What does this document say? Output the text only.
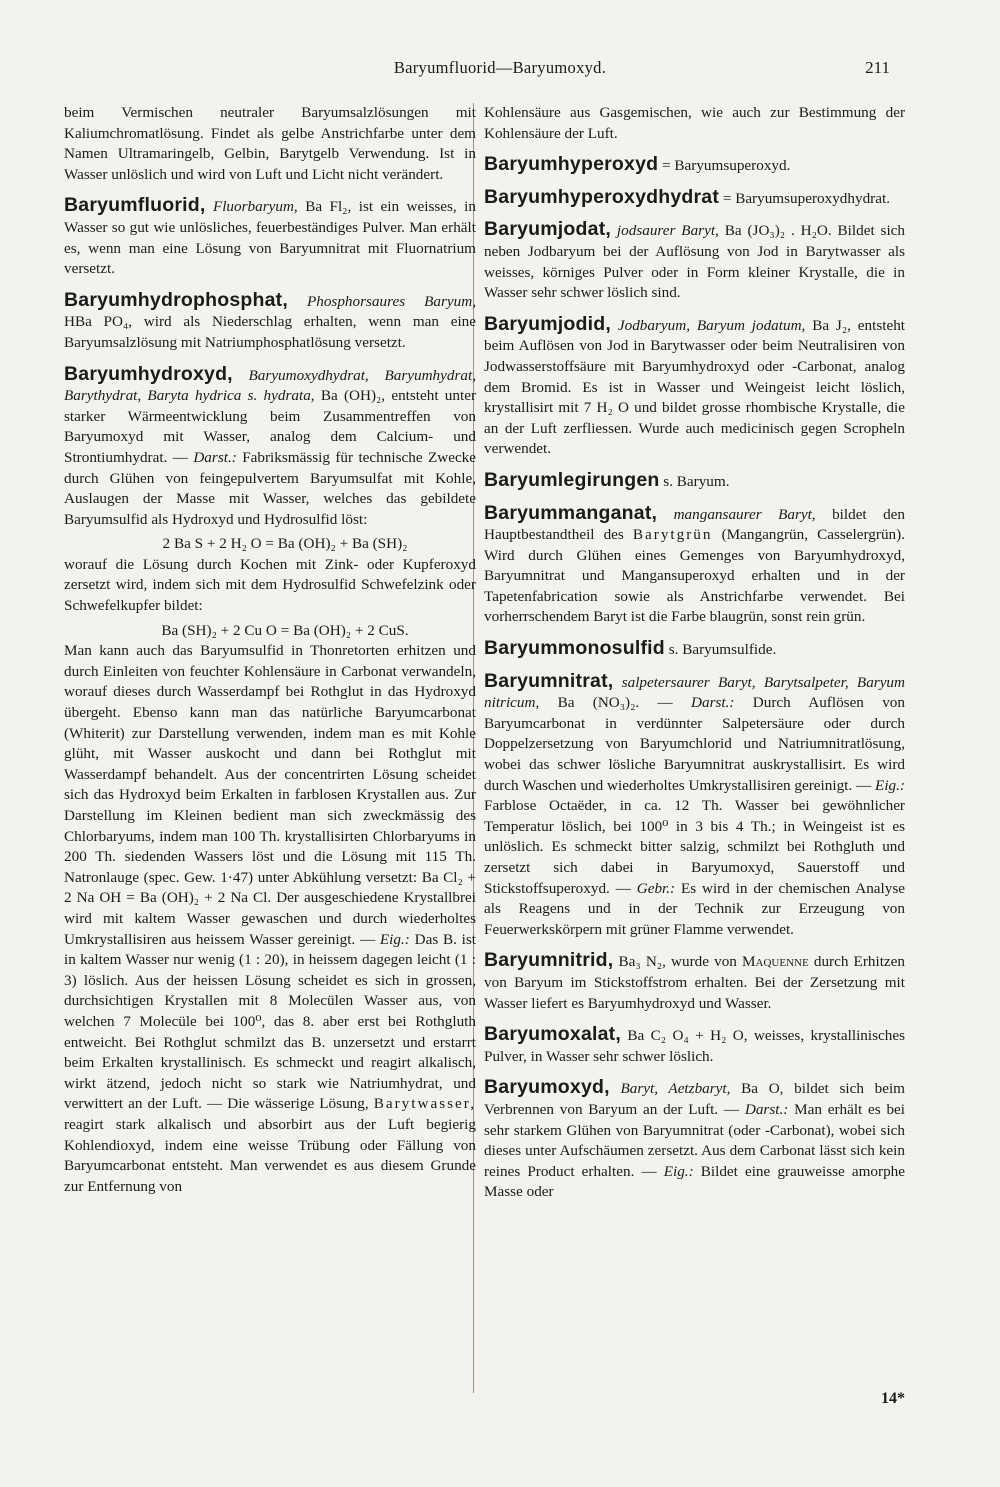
Baryumfluorid—Baryumoxyd.	211

beim Vermischen neutraler Baryumsalzlösungen mit Kaliumchromatlösung. Findet als gelbe Anstrichfarbe unter dem Namen Ultramaringelb, Gelbin, Barytgelb Verwendung. Ist in Wasser unlöslich und wird von Luft und Licht nicht verändert.

Baryumfluorid, Fluorbaryum, Ba Fl₂, ist ein weisses, in Wasser so gut wie unlösliches, feuerbeständiges Pulver. Man erhält es, wenn man eine Lösung von Baryumnitrat mit Fluornatrium versetzt.

Baryumhydrophosphat, Phosphorsaures Baryum, HBa PO₄, wird als Niederschlag erhalten, wenn man eine Baryumsalzlösung mit Natriumphosphatlösung versetzt.

Baryumhydroxyd, Baryumoxydhydrat, Baryumhydrat, Barythydrat, Baryta hydrica s. hydrata, Ba (OH)₂, entsteht unter starker Wärmeentwicklung beim Zusammentreffen von Baryumoxyd mit Wasser, analog dem Calcium- und Strontiumhydrat. — Darst.: Fabriksmässig für technische Zwecke durch Glühen von feingepulvertem Baryumsulfat mit Kohle, Auslaugen der Masse mit Wasser, welches das gebildete Baryumsulfid als Hydroxyd und Hydrosulfid löst:

2 Ba S + 2 H₂ O = Ba (OH)₂ + Ba (SH)₂

worauf die Lösung durch Kochen mit Zink- oder Kupferoxyd zersetzt wird, indem sich mit dem Hydrosulfid Schwefelzink oder Schwefelkupfer bildet:

Ba (SH)₂ + 2 Cu O = Ba (OH)₂ + 2 CuS.

Man kann auch das Baryumsulfid in Thonretorten erhitzen und durch Einleiten von feuchter Kohlensäure in Carbonat verwandeln, worauf dieses durch Wasserdampf bei Rothglut in das Hydroxyd übergeht. Ebenso kann man das natürliche Baryumcarbonat (Whiterit) zur Darstellung verwenden, indem man es mit Kohle glüht, mit Wasser auskocht und dann bei Rothglut mit Wasserdampf behandelt. Aus der concentrirten Lösung scheidet sich das Hydroxyd beim Erkalten in farblosen Krystallen aus. Zur Darstellung im Kleinen bedient man sich zweckmässig des Chlorbaryums, indem man 100 Th. krystallisirten Chlorbaryums in 200 Th. siedenden Wassers löst und die Lösung mit 115 Th. Natronlauge (spec. Gew. 1·47) unter Abkühlung versetzt: Ba Cl₂ + 2 Na OH = Ba (OH)₂ + 2 Na Cl. Der ausgeschiedene Krystallbrei wird mit kaltem Wasser gewaschen und durch wiederholtes Umkrystallisiren aus heissem Wasser gereinigt. — Eig.: Das B. ist in kaltem Wasser nur wenig (1 : 20), in heissem dagegen leicht (1 : 3) löslich. Aus der heissen Lösung scheidet es sich in grossen, durchsichtigen Krystallen mit 8 Molecülen Wasser aus, von welchen 7 Molecüle bei 100⁰, das 8. aber erst bei Rothgluth entweicht. Bei Rothglut schmilzt das B. unzersetzt und erstarrt beim Erkalten krystallinisch. Es schmeckt und reagirt alkalisch, wirkt ätzend, jedoch nicht so stark wie Natriumhydrat, und verwittert an der Luft. — Die wässerige Lösung, Barytwasser, reagirt stark alkalisch und absorbirt aus der Luft begierig Kohlendioxyd, indem eine weisse Trübung oder Fällung von Baryumcarbonat entsteht. Man verwendet es aus diesem Grunde zur Entfernung von

Kohlensäure aus Gasgemischen, wie auch zur Bestimmung der Kohlensäure der Luft.

Baryumhyperoxyd = Baryumsuperoxyd.

Baryumhyperoxydhydrat = Baryumsuperoxydhydrat.

Baryumjodat, jodsaurer Baryt, Ba (JO₃)₂ . H₂O. Bildet sich neben Jodbaryum bei der Auflösung von Jod in Barytwasser als weisses, körniges Pulver oder in Form kleiner Krystalle, die in Wasser sehr schwer löslich sind.

Baryumjodid, Jodbaryum, Baryum jodatum, Ba J₂, entsteht beim Auflösen von Jod in Barytwasser oder beim Neutralisiren von Jodwasserstoffsäure mit Baryumhydroxyd oder -Carbonat, analog dem Bromid. Es ist in Wasser und Weingeist leicht löslich, krystallisirt mit 7 H₂ O und bildet grosse rhombische Krystalle, die an der Luft zerfliessen. Wurde auch medicinisch gegen Scropheln verwendet.

Baryumlegirungen s. Baryum.

Baryummanganat, mangansaurer Baryt, bildet den Hauptbestandtheil des Barytgrün (Mangangrün, Casselergrün). Wird durch Glühen eines Gemenges von Baryumhydroxyd, Baryumnitrat und Mangansuperoxyd erhalten und in der Tapetenfabrication sowie als Anstrichfarbe verwendet. Bei vorherrschendem Baryt ist die Farbe blaugrün, sonst rein grün.

Baryummonosulfid s. Baryumsulfide.

Baryumnitrat, salpetersaurer Baryt, Barytsalpeter, Baryum nitricum, Ba (NO₃)₂. — Darst.: Durch Auflösen von Baryumcarbonat in verdünnter Salpetersäure oder durch Doppelzersetzung von Baryumchlorid und Natriumnitratlösung, wobei das schwer lösliche Baryumnitrat auskrystallisirt. Es wird durch Waschen und wiederholtes Umkrystallisiren gereinigt. — Eig.: Farblose Octaëder, in ca. 12 Th. Wasser bei gewöhnlicher Temperatur löslich, bei 100⁰ in 3 bis 4 Th.; in Weingeist ist es unlöslich. Es schmeckt bitter salzig, schmilzt bei Rothgluth und zersetzt sich dabei in Baryumoxyd, Sauerstoff und Stickstoffsuperoxyd. — Gebr.: Es wird in der chemischen Analyse als Reagens und in der Technik zur Erzeugung von Feuerwerkskörpern mit grüner Flamme verwendet.

Baryumnitrid, Ba₃ N₂, wurde von Maquenne durch Erhitzen von Baryum im Stickstoffstrom erhalten. Bei der Zersetzung mit Wasser liefert es Baryumhydroxyd und Wasser.

Baryumoxalat, Ba C₂ O₄ + H₂ O, weisses, krystallinisches Pulver, in Wasser sehr schwer löslich.

Baryumoxyd, Baryt, Aetzbaryt, Ba O, bildet sich beim Verbrennen von Baryum an der Luft. — Darst.: Man erhält es bei sehr starkem Glühen von Baryumnitrat (oder -Carbonat), wobei sich dieses unter Aufschäumen zersetzt. Aus dem Carbonat lässt sich kein reines Product erhalten. — Eig.: Bildet eine grauweisse amorphe Masse oder

14*
